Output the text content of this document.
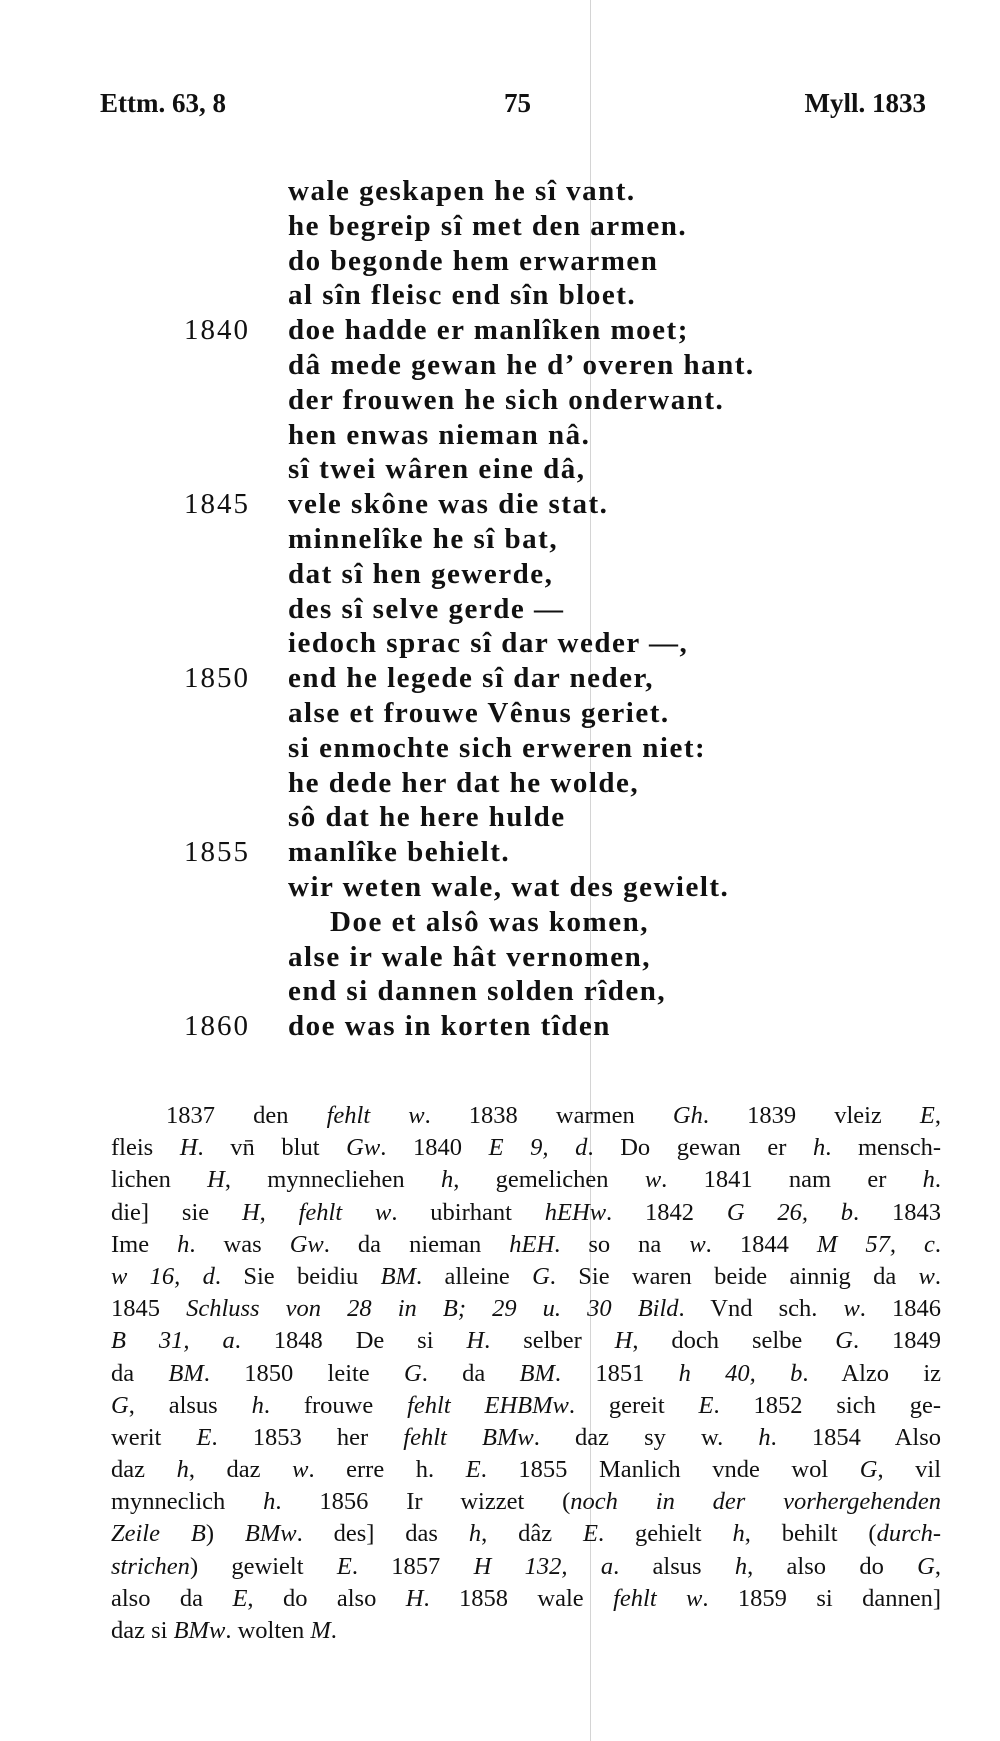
Ettm. 63, 8	75	Myll. 1833
wale geskapen he sî vant.
he begreip sî met den armen.
do begonde hem erwarmen
al sîn fleisc end sîn bloet.
1840 doe hadde er manlîken moet;
dâ mede gewan he d’ overen hant.
der frouwen he sich onderwant.
hen enwas nieman nâ.
sî twei wâren eine dâ,
1845 vele skône was die stat.
minnelîke he sî bat,
dat sî hen gewerde,
des sî selve gerde —
iedoch sprac sî dar weder —,
1850 end he legede sî dar neder,
alse et frouwe Vênus geriet.
si enmochte sich erweren niet:
he dede her dat he wolde,
sô dat he here hulde
1855 manlîke behielt.
wir weten wale, wat des gewielt.
Doe et alsô was komen,
alse ir wale hât vernomen,
end si dannen solden rîden,
1860 doe was in korten tîden
1837 den fehlt w. 1838 warmen Gh. 1839 vleiz E,
fleis H. vn̄ blut Gw. 1840 E 9, d. Do gewan er h. mensch-
lichen H, mynnecliehen h, gemelichen w. 1841 nam er h.
die] sie H, fehlt w. ubirhant hEHw. 1842 G 26, b. 1843
Ime h. was Gw. da nieman hEH. so na w. 1844 M 57, c.
w 16, d. Sie beidiu BM. alleine G. Sie waren beide ainnig da w.
1845 Schluss von 28 in B; 29 u. 30 Bild. Vnd sch. w. 1846
B 31, a. 1848 De si H. selber H, doch selbe G. 1849
da BM. 1850 leite G. da BM. 1851 h 40, b. Alzo iz
G, alsus h. frouwe fehlt EHBMw. gereit E. 1852 sich ge-
werit E. 1853 her fehlt BMw. daz sy w. h. 1854 Also
daz h, daz w. erre h. E. 1855 Manlich vnde wol G, vil
mynneclich h. 1856 Ir wizzet (noch in der vorhergehenden
Zeile B) BMw. des] das h, dâz E. gehielt h, behilt (durch-
strichen) gewielt E. 1857 H 132, a. alsus h, also do G,
also da E, do also H. 1858 wale fehlt w. 1859 si dannen]
daz si BMw. wolten M.
